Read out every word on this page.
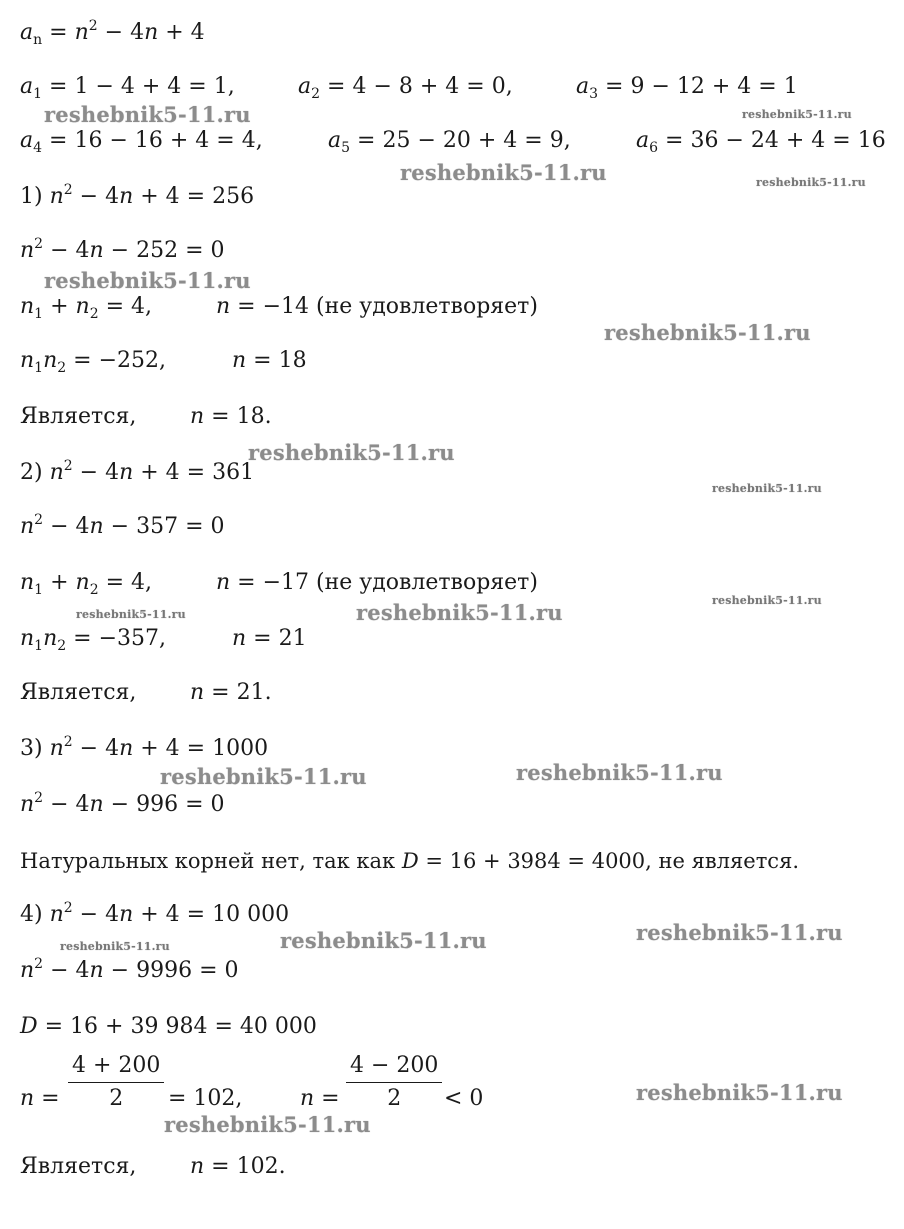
$a_n = n^2 - 4n + 4$
$a_1 = 1 - 4 + 4 = 1$,	$a_2 = 4 - 8 + 4 = 0$,	$a_3 = 9 - 12 + 4 = 1$
$a_4 = 16 - 16 + 4 = 4$,	$a_5 = 25 - 20 + 4 = 9$,	$a_6 = 36 - 24 + 4 = 16$
1) $n^2 - 4n + 4 = 256$
$n^2 - 4n - 252 = 0$
$n_1 + n_2 = 4$,	n = −14 (не удовлетворяет)
$n_1n_2 = -252$,	n = 18
Является, n = 18.
2) $n^2 - 4n + 4 = 361$
$n^2 - 4n - 357 = 0$
$n_1 + n_2 = 4$,	n = −17 (не удовлетворяет)
$n_1n_2 = -357$,	n = 21
Является, n = 21.
3) $n^2 - 4n + 4 = 1000$
$n^2 - 4n - 996 = 0$
Натуральных корней нет, так как D = 16 + 3984 = 4000, не является.
4) $n^2 - 4n + 4 = 10$ 000
$n^2 - 4n - 9996 = 0$
D = 16 + 39 984 = 40 000
$n = \frac{4 + 200}{2} = 102$,	$n = \frac{4 - 200}{2} < 0$
Является, n = 102.
reshebnik5-11.ru	reshebnik5-11.ru
reshebnik5-11.ru	reshebnik5-11.ru
reshebnik5-11.ru
reshebnik5-11.ru
reshebnik5-11.ru
reshebnik5-11.ru
reshebnik5-11.ru	reshebnik5-11.ru	reshebnik5-11.ru
reshebnik5-11.ru	reshebnik5-11.ru
reshebnik5-11.ru	reshebnik5-11.ru	reshebnik5-11.ru
reshebnik5-11.ru
reshebnik5-11.ru
